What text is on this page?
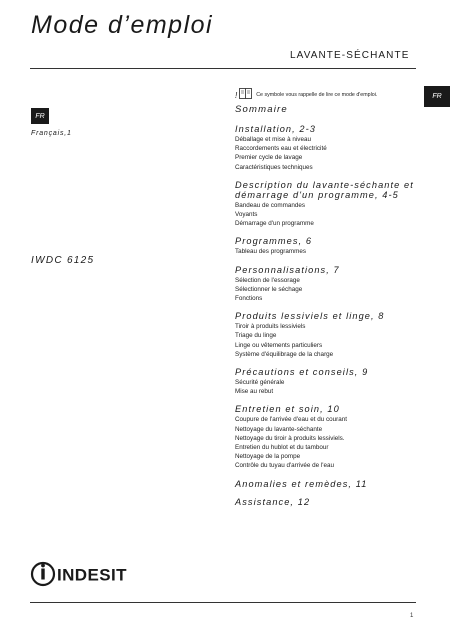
Mode d’emploi
LAVANTE-SÉCHANTE
FR
Français,1
IWDC 6125
FR
!	Ce symbole vous rappelle de lire ce mode d'emploi.
Sommaire
Installation, 2-3
Déballage et mise à niveau
Raccordements eau et électricité
Premier cycle de lavage
Caractéristiques techniques
Description du lavante-séchante et démarrage d'un programme, 4-5
Bandeau de commandes
Voyants
Démarrage d'un programme
Programmes, 6
Tableau des programmes
Personnalisations, 7
Sélection de l'essorage
Sélectionner le séchage
Fonctions
Produits lessiviels et linge, 8
Tiroir à produits lessiviels
Triage du linge
Linge ou vêtements particuliers
Système d'équilibrage de la charge
Précautions et conseils, 9
Sécurité générale
Mise au rebut
Entretien et soin, 10
Coupure de l'arrivée d'eau et du courant
Nettoyage du lavante-séchante
Nettoyage du tiroir à produits lessiviels.
Entretien du hublot et du tambour
Nettoyage de la pompe
Contrôle du tuyau d'arrivée de l'eau
Anomalies et remèdes, 11
Assistance, 12
INDESIT
1
